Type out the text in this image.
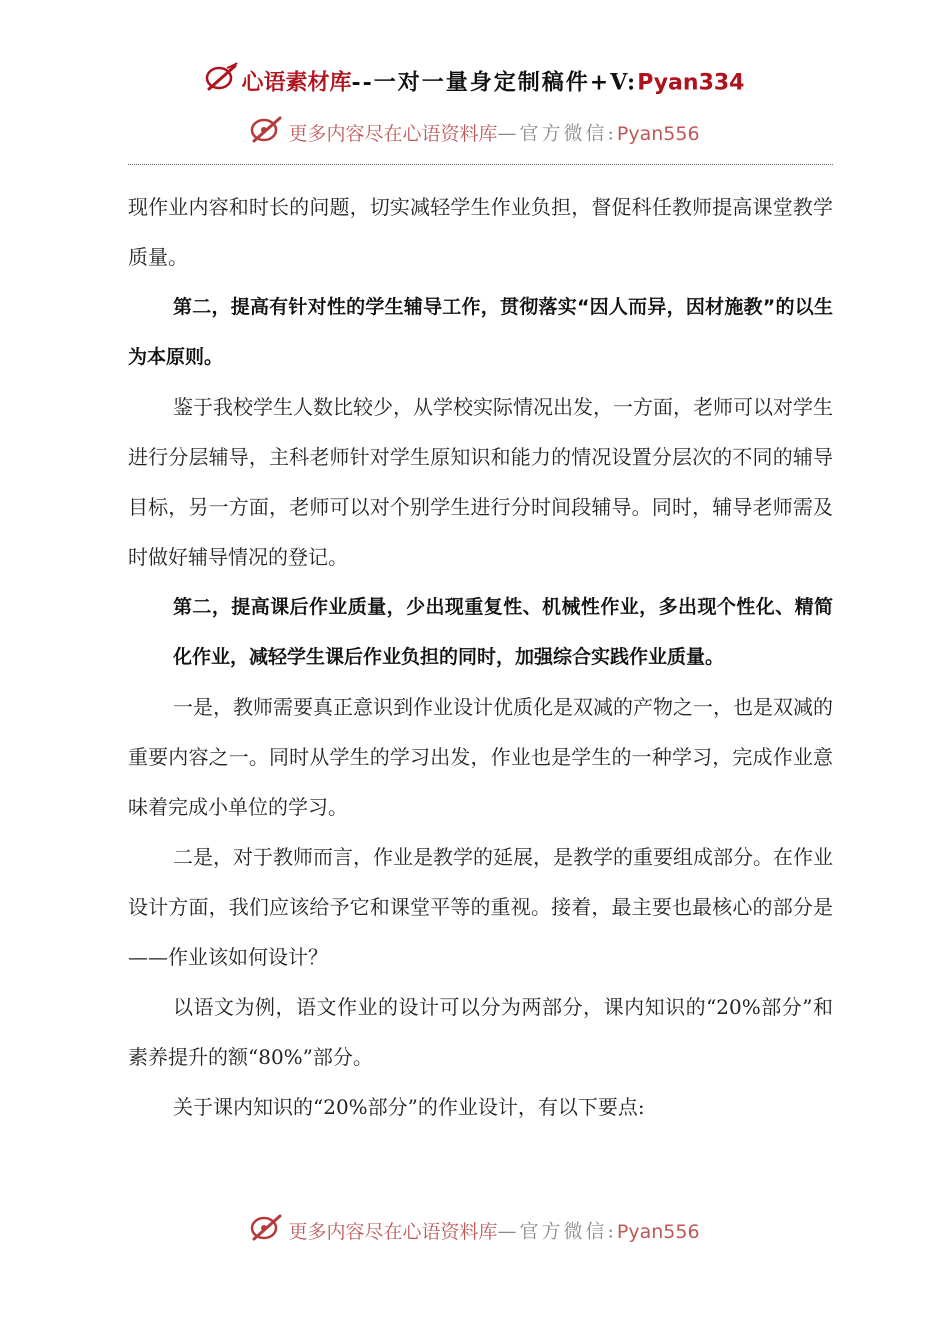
心语素材库--一对一量身定制稿件+V:Pyan334
更多内容尽在心语资料库—官方微信:Pyan556

现作业内容和时长的问题，切实减轻学生作业负担，督促科任教师提高课堂教学质量。

第二，提高有针对性的学生辅导工作，贯彻落实“因人而异，因材施教”的以生为本原则。

鉴于我校学生人数比较少，从学校实际情况出发，一方面，老师可以对学生进行分层辅导，主科老师针对学生原知识和能力的情况设置分层次的不同的辅导目标，另一方面，老师可以对个别学生进行分时间段辅导。同时，辅导老师需及时做好辅导情况的登记。

第二，提高课后作业质量，少出现重复性、机械性作业，多出现个性化、精简化作业，减轻学生课后作业负担的同时，加强综合实践作业质量。

一是，教师需要真正意识到作业设计优质化是双减的产物之一，也是双减的重要内容之一。同时从学生的学习出发，作业也是学生的一种学习，完成作业意味着完成小单位的学习。

二是，对于教师而言，作业是教学的延展，是教学的重要组成部分。在作业设计方面，我们应该给予它和课堂平等的重视。接着，最主要也最核心的部分是——作业该如何设计？

以语文为例，语文作业的设计可以分为两部分，课内知识的“20%部分”和素养提升的额“80%”部分。

关于课内知识的“20%部分”的作业设计，有以下要点:

更多内容尽在心语资料库—官方微信:Pyan556
